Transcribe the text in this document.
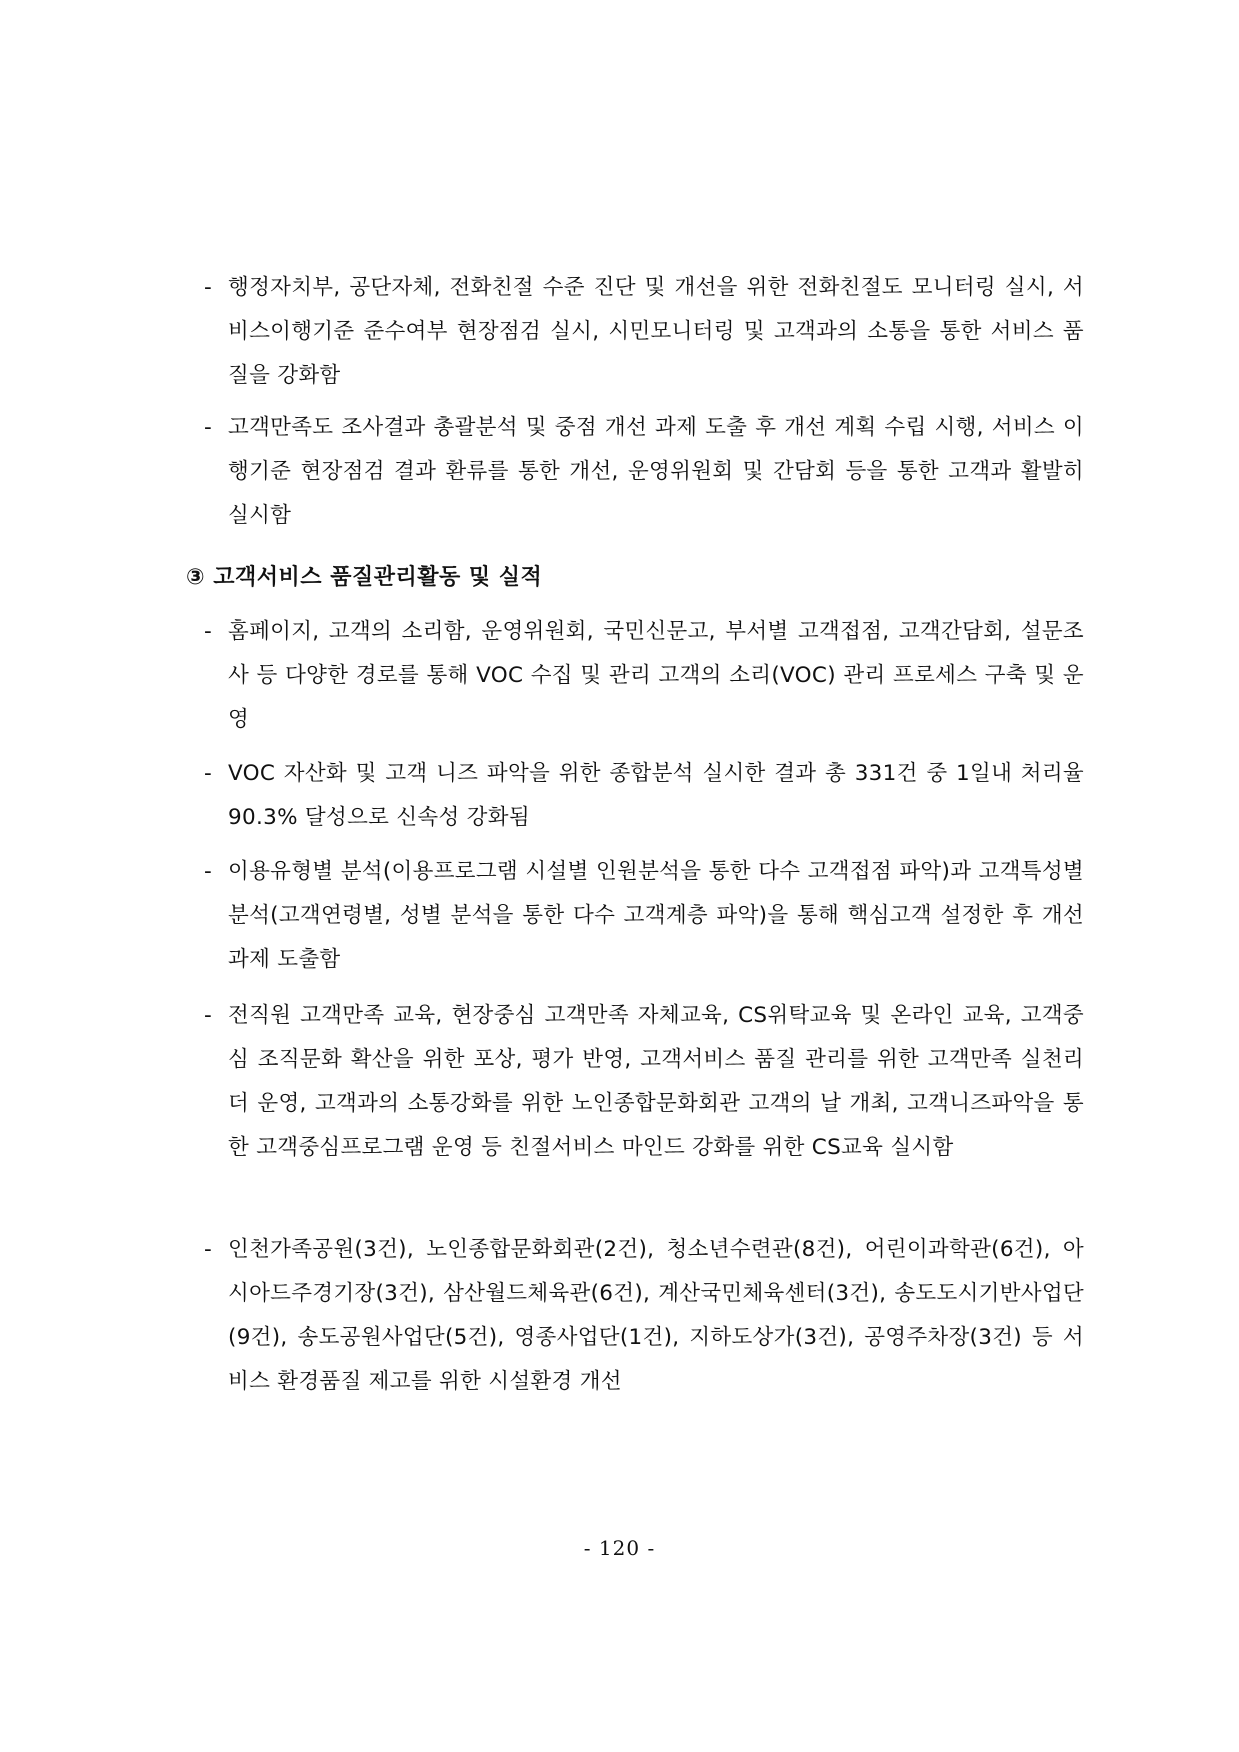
- 행정자치부, 공단자체, 전화친절 수준 진단 및 개선을 위한 전화친절도 모니터링 실시, 서비스이행기준 준수여부 현장점검 실시, 시민모니터링 및 고객과의 소통을 통한 서비스 품질을 강화함
- 고객만족도 조사결과 총괄분석 및 중점 개선 과제 도출 후 개선 계획 수립 시행, 서비스 이행기준 현장점검 결과 환류를 통한 개선, 운영위원회 및 간담회 등을 통한 고객과 활발히 실시함
③ 고객서비스 품질관리활동 및 실적
- 홈페이지, 고객의 소리함, 운영위원회, 국민신문고, 부서별 고객접점, 고객간담회, 설문조사 등 다양한 경로를 통해 VOC 수집 및 관리 고객의 소리(VOC) 관리 프로세스 구축 및 운영
- VOC 자산화 및 고객 니즈 파악을 위한 종합분석 실시한 결과 총 331건 중 1일내 처리율 90.3% 달성으로 신속성 강화됨
- 이용유형별 분석(이용프로그램 시설별 인원분석을 통한 다수 고객접점 파악)과 고객특성별 분석(고객연령별, 성별 분석을 통한 다수 고객계층 파악)을 통해 핵심고객 설정한 후 개선과제 도출함
- 전직원 고객만족 교육, 현장중심 고객만족 자체교육, CS위탁교육 및 온라인 교육, 고객중심 조직문화 확산을 위한 포상, 평가 반영, 고객서비스 품질 관리를 위한 고객만족 실천리더 운영, 고객과의 소통강화를 위한 노인종합문화회관 고객의 날 개최, 고객니즈파악을 통한 고객중심프로그램 운영 등 친절서비스 마인드 강화를 위한 CS교육 실시함
- 인천가족공원(3건), 노인종합문화회관(2건), 청소년수련관(8건), 어린이과학관(6건), 아시아드주경기장(3건), 삼산월드체육관(6건), 계산국민체육센터(3건), 송도도시기반사업단(9건), 송도공원사업단(5건), 영종사업단(1건), 지하도상가(3건), 공영주차장(3건) 등 서비스 환경품질 제고를 위한 시설환경 개선
- 120 -
